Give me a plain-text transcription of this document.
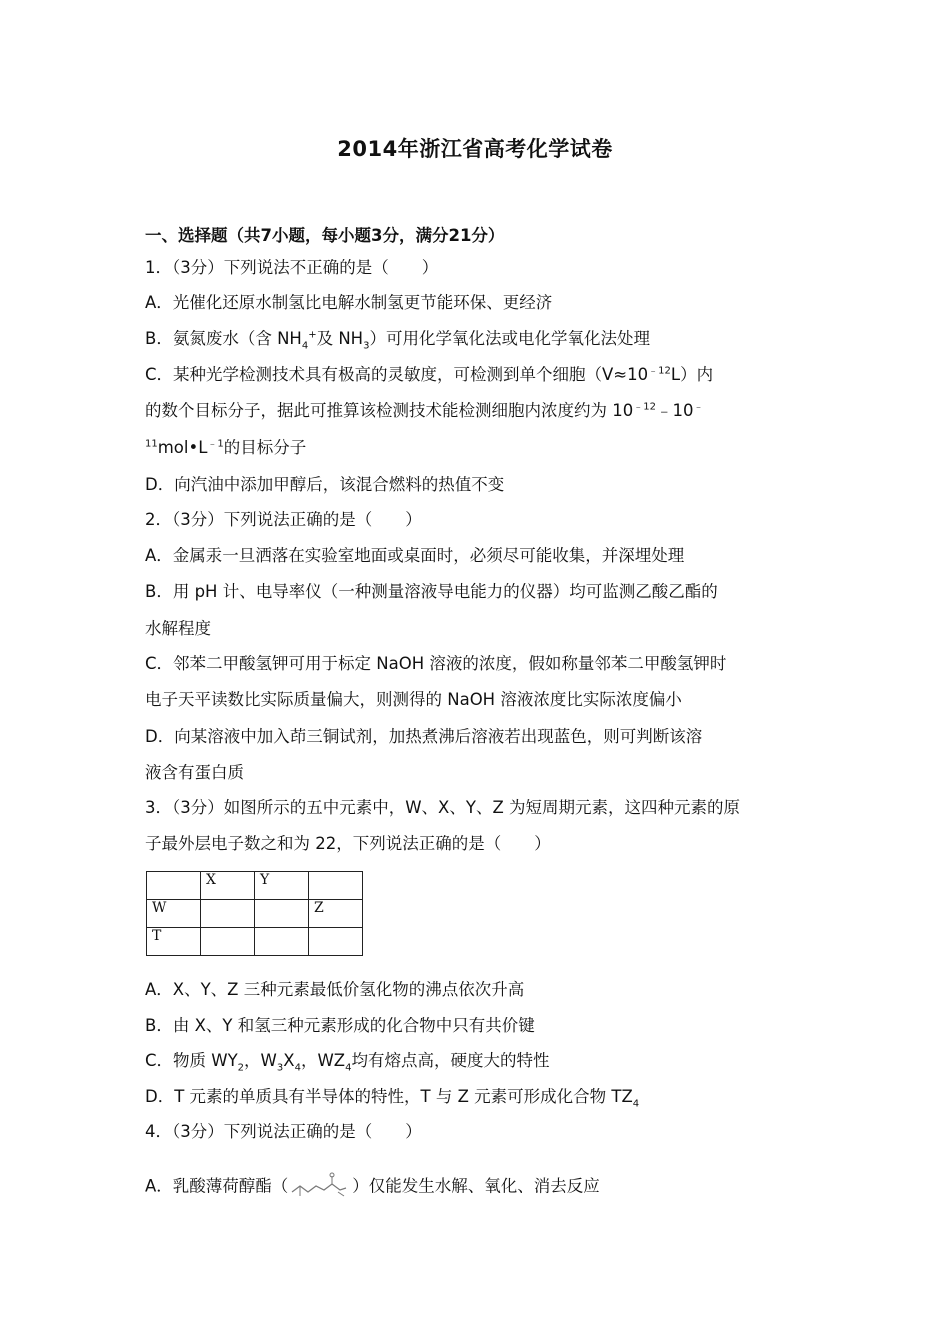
2014年浙江省高考化学试卷
一、选择题（共7小题，每小题3分，满分21分）
1．（3分）下列说法不正确的是（　　）
A．光催化还原水制氢比电解水制氢更节能环保、更经济
B．氨氮废水（含 $NH_4^+$及 $NH_3$）可用化学氧化法或电化学氧化法处理
C．某种光学检测技术具有极高的灵敏度，可检测到单个细胞$(V\approx 10^{﹣12}L)$内
的数个目标分子，据此可推算该检测技术能检测细胞内浓度约为 $10^{﹣12}﹣10^﹣$
$^{11}mol•L^{﹣1}$的目标分子
D．向汽油中添加甲醇后，该混合燃料的热值不变
2．（3分）下列说法正确的是（　　）
A．金属汞一旦洒落在实验室地面或桌面时，必须尽可能收集，并深埋处理
B．用 pH 计、电导率仪（一种测量溶液导电能力的仪器）均可监测乙酸乙酯的
水解程度
C．邻苯二甲酸氢钾可用于标定 NaOH 溶液的浓度，假如称量邻苯二甲酸氢钾时
电子天平读数比实际质量偏大，则测得的 NaOH 溶液浓度比实际浓度偏小
D．向某溶液中加入茚三铜试剂，加热煮沸后溶液若出现蓝色，则可判断该溶
液含有蛋白质
3．（3分）如图所示的五中元素中，W、X、Y、Z 为短周期元素，这四种元素的原
子最外层电子数之和为 22，下列说法正确的是（　　）
	X	Y	
W			Z
T			
A．X、Y、Z 三种元素最低价氢化物的沸点依次升高
B．由 X、Y 和氢三种元素形成的化合物中只有共价键
C．物质 $WY_2$，$W_3X_4$，$WZ_4$均有熔点高，硬度大的特性
D．T 元素的单质具有半导体的特性，T 与 Z 元素可形成化合物 $TZ_4$
4．（3分）下列说法正确的是（　　）
A．乳酸薄荷醇酯（	）仅能发生水解、氧化、消去反应
